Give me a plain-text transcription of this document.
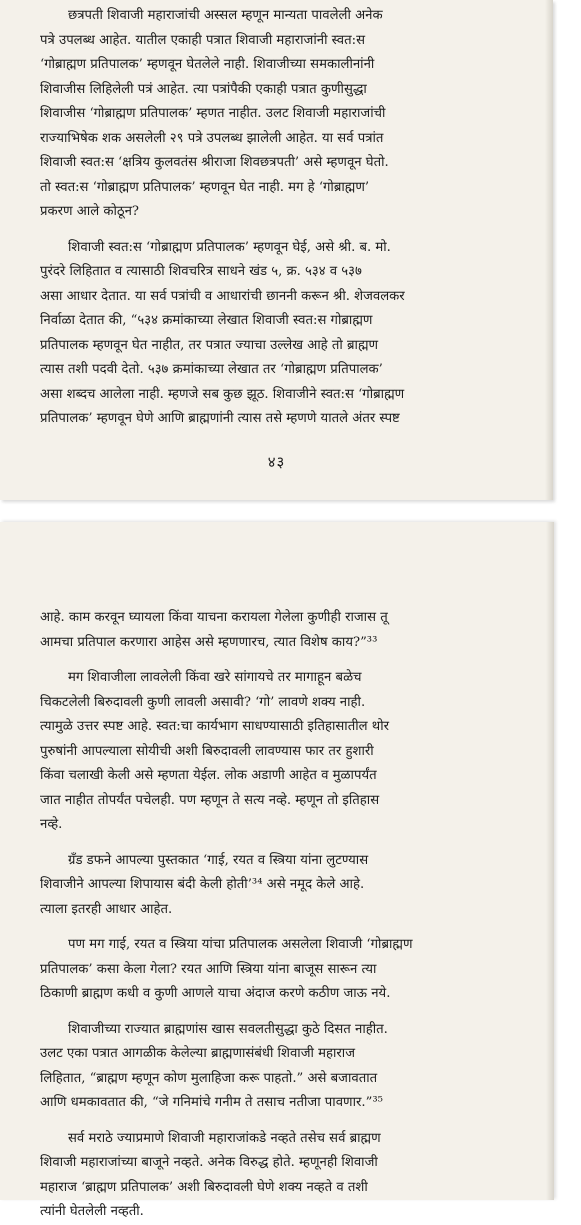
छत्रपती शिवाजी महाराजांची अस्सल म्हणून मान्यता पावलेली अनेक
पत्रे उपलब्ध आहेत. यातील एकाही पत्रात शिवाजी महाराजांनी स्वत:स
‘गोब्राह्मण प्रतिपालक’ म्हणवून घेतलेले नाही. शिवाजीच्या समकालीनांनी
शिवाजीस लिहिलेली पत्रं आहेत. त्या पत्रांपैकी एकाही पत्रात कुणीसुद्धा
शिवाजीस ‘गोब्राह्मण प्रतिपालक’ म्हणत नाहीत. उलट शिवाजी महाराजांची
राज्याभिषेक शक असलेली २९ पत्रे उपलब्ध झालेली आहेत. या सर्व पत्रांत
शिवाजी स्वत:स ‘क्षत्रिय कुलवतंस श्रीराजा शिवछत्रपती’ असे म्हणवून घेतो.
तो स्वत:स ‘गोब्राह्मण प्रतिपालक’ म्हणवून घेत नाही. मग हे ‘गोब्राह्मण’
प्रकरण आले कोठून?
शिवाजी स्वत:स ‘गोब्राह्मण प्रतिपालक’ म्हणवून घेई, असे श्री. ब. मो.
पुरंदरे लिहितात व त्यासाठी शिवचरित्र साधने खंड ५, क्र. ५३४ व ५३७
असा आधार देतात. या सर्व पत्रांची व आधारांची छाननी करून श्री. शेजवलकर
निर्वाळा देतात की, “५३४ क्रमांकाच्या लेखात शिवाजी स्वत:स गोब्राह्मण
प्रतिपालक म्हणवून घेत नाहीत, तर पत्रात ज्याचा उल्लेख आहे तो ब्राह्मण
त्यास तशी पदवी देतो. ५३७ क्रमांकाच्या लेखात तर ‘गोब्राह्मण प्रतिपालक’
असा शब्दच आलेला नाही. म्हणजे सब कुछ झूठ. शिवाजीने स्वत:स ‘गोब्राह्मण
प्रतिपालक’ म्हणवून घेणे आणि ब्राह्मणांनी त्यास तसे म्हणणे यातले अंतर स्पष्ट
४३
आहे. काम करवून घ्यायला किंवा याचना करायला गेलेला कुणीही राजास तू
आमचा प्रतिपाल करणारा आहेस असे म्हणणारच, त्यात विशेष काय?”³³
मग शिवाजीला लावलेली किंवा खरे सांगायचे तर मागाहून बळेच
चिकटलेली बिरुदावली कुणी लावली असावी? ‘गो’ लावणे शक्य नाही.
त्यामुळे उत्तर स्पष्ट आहे. स्वत:चा कार्यभाग साधण्यासाठी इतिहासातील थोर
पुरुषांनी आपल्याला सोयीची अशी बिरुदावली लावण्यास फार तर हुशारी
किंवा चलाखी केली असे म्हणता येईल. लोक अडाणी आहेत व मुळापर्यंत
जात नाहीत तोपर्यंत पचेलही. पण म्हणून ते सत्य नव्हे. म्हणून तो इतिहास
नव्हे.
ग्रँड डफने आपल्या पुस्तकात ‘गाई, रयत व स्त्रिया यांना लुटण्यास
शिवाजीने आपल्या शिपायास बंदी केली होती’³⁴ असे नमूद केले आहे.
त्याला इतरही आधार आहेत.
पण मग गाई, रयत व स्त्रिया यांचा प्रतिपालक असलेला शिवाजी ‘गोब्राह्मण
प्रतिपालक’ कसा केला गेला? रयत आणि स्त्रिया यांना बाजूस सारून त्या
ठिकाणी ब्राह्मण कधी व कुणी आणले याचा अंदाज करणे कठीण जाऊ नये.
शिवाजीच्या राज्यात ब्राह्मणांस खास सवलतीसुद्धा कुठे दिसत नाहीत.
उलट एका पत्रात आगळीक केलेल्या ब्राह्मणासंबंधी शिवाजी महाराज
लिहितात, “ब्राह्मण म्हणून कोण मुलाहिजा करू पाहतो.” असे बजावतात
आणि धमकावतात की, “जे गनिमांचे गनीम ते तसाच नतीजा पावणार.”³⁵
सर्व मराठे ज्याप्रमाणे शिवाजी महाराजांकडे नव्हते तसेच सर्व ब्राह्मण
शिवाजी महाराजांच्या बाजूने नव्हते. अनेक विरुद्ध होते. म्हणूनही शिवाजी
महाराज ‘ब्राह्मण प्रतिपालक’ अशी बिरुदावली घेणे शक्य नव्हते व तशी
त्यांनी घेतलेली नव्हती.
